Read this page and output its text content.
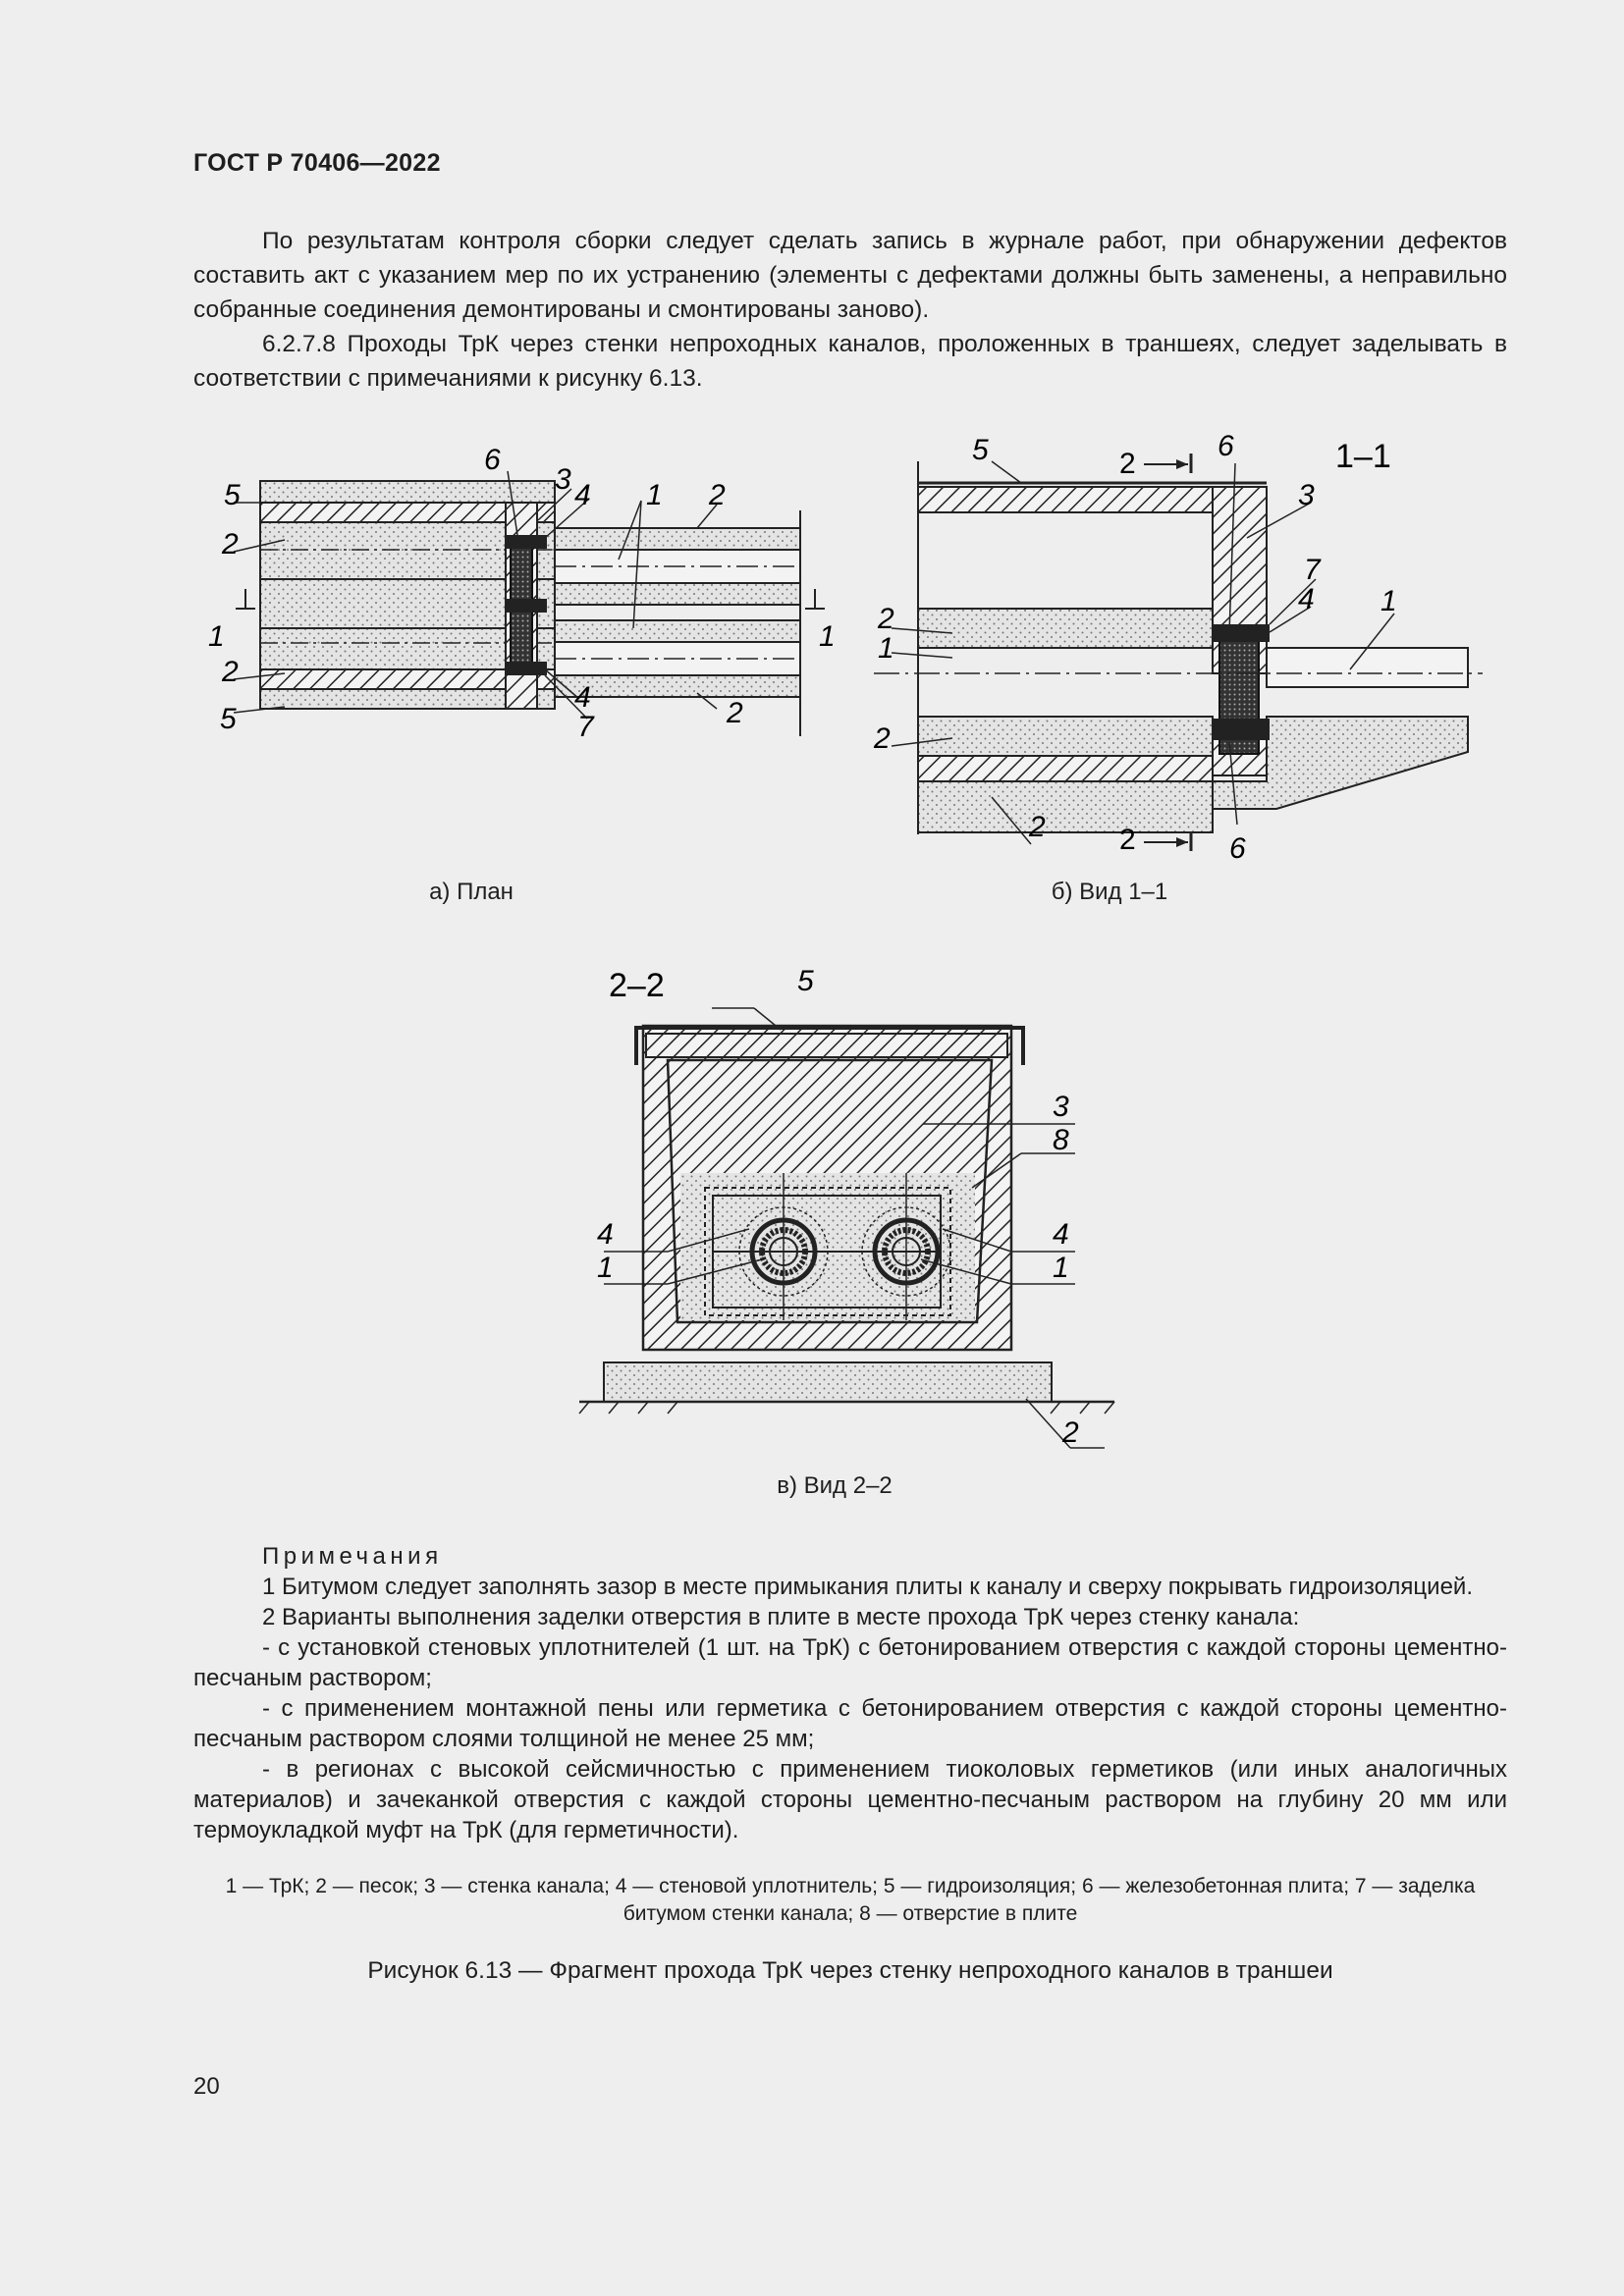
ГОСТ Р 70406—2022

По результатам контроля сборки следует сделать запись в журнале работ, при обнаружении дефектов составить акт с указанием мер по их устранению (элементы с дефектами должны быть заменены, а неправильно собранные соединения демонтированы и смонтированы заново).

6.2.7.8 Проходы ТрК через стенки непроходных каналов, проложенных в траншеях, следует заделывать в соответствии с примечаниями к рисунку 6.13.

5
2
1
2
5
6
3 4 1 2
4
7	2
1
а) План
2
2
5	6	1–1
3
7
4 1
2
1
2
2
6
б) Вид 1–1
2–2	5
3
8
4
1
4
1
2
в) Вид 2–2

Примечания

1 Битумом следует заполнять зазор в месте примыкания плиты к каналу и сверху покрывать гидроизоляцией.

2 Варианты выполнения заделки отверстия в плите в месте прохода ТрК через стенку канала:

- с установкой стеновых уплотнителей (1 шт. на ТрК) с бетонированием отверстия с каждой стороны цементно-песчаным раствором;

- с применением монтажной пены или герметика с бетонированием отверстия с каждой стороны цементно-песчаным раствором слоями толщиной не менее 25 мм;

- в регионах с высокой сейсмичностью с применением тиоколовых герметиков (или иных аналогичных материалов) и зачеканкой отверстия с каждой стороны цементно-песчаным раствором на глубину 20 мм или термоукладкой муфт на ТрК (для герметичности).

1 — ТрК; 2 — песок; 3 — стенка канала; 4 — стеновой уплотнитель; 5 — гидроизоляция; 6 — железобетонная плита; 7 — заделка битумом стенки канала; 8 — отверстие в плите
Рисунок 6.13 — Фрагмент прохода ТрК через стенку непроходного каналов в траншеи
20
